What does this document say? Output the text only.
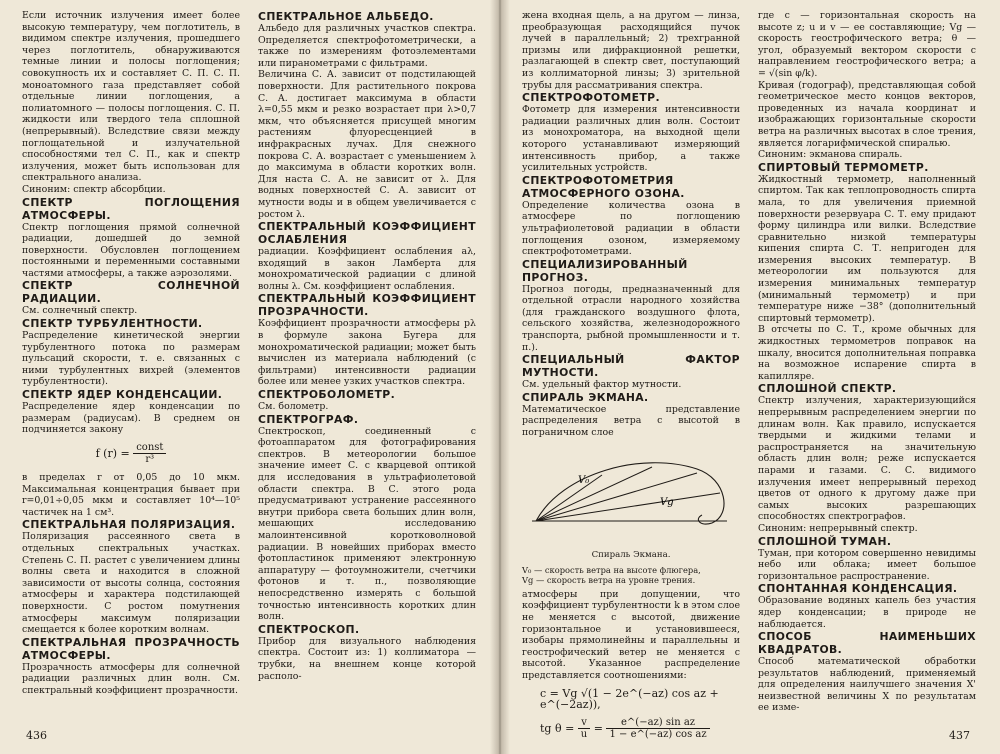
Если источник излучения имеет более высокую температуру, чем поглотитель, в видимом спектре излучения, прошедшего через поглотитель, обнаруживаются темные линии и полосы поглощения; совокупность их и составляет С. П. С. П. моноатомного газа представляет собой отдельные линии поглощения, а полиатомного — полосы поглощения. С. П. жидкости или твердого тела сплошной (непрерывный). Вследствие связи между поглощательной и излучательной способностями тел С. П., как и спектр излучения, может быть использован для спектрального анализа.

Синоним: спектр абсорбции.

СПЕКТР ПОГЛОЩЕНИЯ АТМОСФЕРЫ.

Спектр поглощения прямой солнечной радиации, дошедшей до земной поверхности. Обусловлен поглощением постоянными и переменными составными частями атмосферы, а также аэрозолями.

СПЕКТР СОЛНЕЧНОЙ РАДИАЦИИ.

См. солнечный спектр.

СПЕКТР ТУРБУЛЕНТНОСТИ.

Распределение кинетической энергии турбулентного потока по размерам пульсаций скорости, т. е. связанных с ними турбулентных вихрей (элементов турбулентности).

СПЕКТР ЯДЕР КОНДЕНСАЦИИ.

Распределение ядер конденсации по размерам (радиусам). В среднем он подчиняется закону

f $(r) = \frac{\text{const}}{\text{r³}}$

в пределах r от 0,05 до 10 мкм. Максимальная концентрация бывает при r=0,01÷0,05 мкм и составляет 10⁴—10⁵ частичек на 1 см³.

СПЕКТРАЛЬНАЯ ПОЛЯРИЗАЦИЯ.

Поляризация рассеянного света в отдельных спектральных участках. Степень С. П. растет с увеличением длины волны света и находится в сложной зависимости от высоты солнца, состояния атмосферы и характера подстилающей поверхности. С ростом помутнения атмосферы максимум поляризации смещается к более коротким волнам.

СПЕКТРАЛЬНАЯ ПРОЗРАЧНОСТЬ АТМОСФЕРЫ.

Прозрачность атмосферы для солнечной радиации различных длин волн. См. спектральный коэффициент прозрачности.

СПЕКТРАЛЬНОЕ АЛЬБЕДО.

Альбедо для различных участков спектра. Определяется спектрофотометрически, а также по измерениям фотоэлементами или пиранометрами с фильтрами.

Величина С. А. зависит от подстилающей поверхности. Для растительного покрова С. А. достигает максимума в области λ=0,55 мкм и резко возрастает при λ>0,7 мкм, что объясняется присущей многим растениям флуоресценцией в инфракрасных лучах. Для снежного покрова С. А. возрастает с уменьшением λ до максимума в области коротких волн. Для наста С. А. не зависит от λ. Для водных поверхностей С. А. зависит от мутности воды и в общем увеличивается с ростом λ.

СПЕКТРАЛЬНЫЙ КОЭФФИЦИЕНТ ОСЛАБЛЕНИЯ

радиации. Коэффициент ослабления aλ, входящий в закон Ламберта для монохроматической радиации с длиной волны λ. См. коэффициент ослабления.

СПЕКТРАЛЬНЫЙ КОЭФФИЦИЕНТ ПРОЗРАЧНОСТИ.

Коэффициент прозрачности атмосферы pλ в формуле закона Бугера для монохроматической радиации; может быть вычислен из материала наблюдений (с фильтрами) интенсивности радиации более или менее узких участков спектра.

СПЕКТРОБОЛОМЕТР.

См. болометр.

СПЕКТРОГРАФ.

Спектроскоп, соединенный с фотоаппаратом для фотографирования спектров. В метеорологии большое значение имеет С. с кварцевой оптикой для исследования в ультрафиолетовой области спектра. В С. этого рода предусматривают устранение рассеянного внутри прибора света больших длин волн, мешающих исследованию малоинтенсивной коротковолновой радиации. В новейших приборах вместо фотопластинок применяют электронную аппаратуру — фотоумножители, счетчики фотонов и т. п., позволяющие непосредственно измерять с большой точностью интенсивность коротких длин волн.

СПЕКТРОСКОП.

Прибор для визуального наблюдения спектра. Состоит из: 1) коллиматора — трубки, на внешнем конце которой располо-

436

жена входная щель, а на другом — линза, преобразующая расходящийся пучок лучей в параллельный; 2) трехгранной призмы или дифракционной решетки, разлагающей в спектр свет, поступающий из коллиматорной линзы; 3) зрительной трубы для рассматривания спектра.

СПЕКТРОФОТОМЕТР.

Фотометр для измерения интенсивности радиации различных длин волн. Состоит из монохроматора, на выходной щели которого устанавливают измеряющий интенсивность прибор, а также усилительных устройств.

СПЕКТРОФОТОМЕТРИЯ АТМОСФЕРНОГО ОЗОНА.

Определение количества озона в атмосфере по поглощению ультрафиолетовой радиации в области поглощения озоном, измеряемому спектрофотометрами.

СПЕЦИАЛИЗИРОВАННЫЙ ПРОГНОЗ.

Прогноз погоды, предназначенный для отдельной отрасли народного хозяйства (для гражданского воздушного флота, сельского хозяйства, железнодорожного транспорта, рыбной промышленности и т. п.).

СПЕЦИАЛЬНЫЙ ФАКТОР МУТНОСТИ.

См. удельный фактор мутности.

СПИРАЛЬ ЭКМАНА.

Математическое представление распределения ветра с высотой в пограничном слое

V₀
Vg
Спираль Экмана.
V₀ — скорость ветра на высоте флюгера,
Vg — скорость ветра на уровне трения.

атмосферы при допущении, что коэффициент турбулентности k в этом слое не меняется с высотой, движение горизонтальное и установившееся, изобары прямолинейны и параллельны и геострофический ветер не меняется с высотой. Указанное распределение представляется соотношениями:

c = Vg √(1 − 2e^(−az) cos az + e^(−2az)),
tg $\theta = \frac{v}{u} = \frac{\text{e\textasciicircum{}(−az) sin az}}{\text{1 − e\textasciicircum{}(−az) cos az}}$

где c — горизонтальная скорость на высоте z; u и v — ее составляющие; Vg — скорость геострофического ветра; θ — угол, образуемый вектором скорости с направлением геострофического ветра; a = √(sin φ/k).

Кривая (годограф), представляющая собой геометрическое место концов векторов, проведенных из начала координат и изображающих горизонтальные скорости ветра на различных высотах в слое трения, является логарифмической спиралью.

Синоним: экманова спираль.

СПИРТОВЫЙ ТЕРМОМЕТР.

Жидкостный термометр, наполненный спиртом. Так как теплопроводность спирта мала, то для увеличения приемной поверхности резервуара С. Т. ему придают форму цилиндра или вилки. Вследствие сравнительно низкой температуры кипения спирта С. Т. непригоден для измерения высоких температур. В метеорологии им пользуются для измерения минимальных температур (минимальный термометр) и при температуре ниже −38° (дополнительный спиртовый термометр).

В отсчеты по С. Т., кроме обычных для жидкостных термометров поправок на шкалу, вносится дополнительная поправка на возможное испарение спирта в капилляре.

СПЛОШНОЙ СПЕКТР.

Спектр излучения, характеризующийся непрерывным распределением энергии по длинам волн. Как правило, испускается твердыми и жидкими телами и распространяется на значительную область длин волн; реже испускается парами и газами. С. С. видимого излучения имеет непрерывный переход цветов от одного к другому даже при самых высоких разрешающих способностях спектрографов.

Синоним: непрерывный спектр.

СПЛОШНОЙ ТУМАН.

Туман, при котором совершенно невидимы небо или облака; имеет большое горизонтальное распространение.

СПОНТАННАЯ КОНДЕНСАЦИЯ.

Образование водяных капель без участия ядер конденсации; в природе не наблюдается.

СПОСОБ НАИМЕНЬШИХ КВАДРАТОВ.

Способ математической обработки результатов наблюдений, применяемый для определения наилучшего значения X' неизвестной величины X по результатам ее изме-

437
